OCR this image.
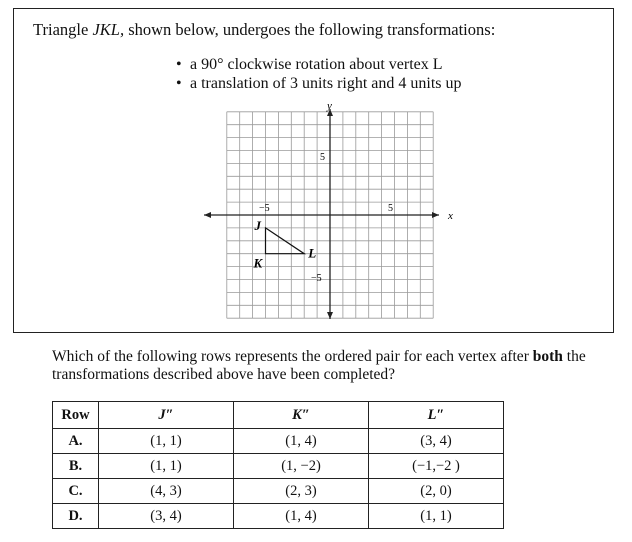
Triangle JKL, shown below, undergoes the following transformations:
• a 90° clockwise rotation about vertex L
• a translation of 3 units right and 4 units up
x
y
5
−5
5
−5
J
K
L
Which of the following rows represents the ordered pair for each vertex after both the transformations described above have been completed?
Row	J″	K″	L″
A.	(1, 1)	(1, 4)	(3, 4)
B.	(1, 1)	(1, −2)	(−1,−2 )
C.	(4, 3)	(2, 3)	(2, 0)
D.	(3, 4)	(1, 4)	(1, 1)
